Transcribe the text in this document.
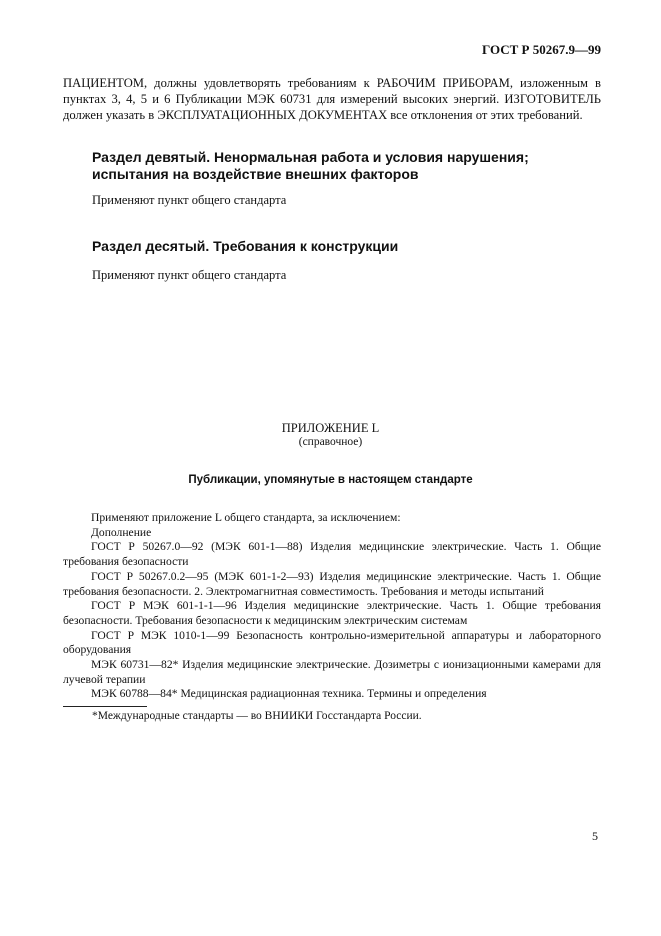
ГОСТ Р 50267.9—99
ПАЦИЕНТОМ, должны удовлетворять требованиям к РАБОЧИМ ПРИБОРАМ, изложенным в пунктах 3, 4, 5 и 6 Публикации МЭК 60731 для измерений высоких энергий. ИЗГОТОВИТЕЛЬ должен указать в ЭКСПЛУАТАЦИОННЫХ ДОКУМЕНТАХ все отклонения от этих требований.
Раздел девятый. Ненормальная работа и условия нарушения; испытания на воздействие внешних факторов
Применяют пункт общего стандарта
Раздел десятый. Требования к конструкции
Применяют пункт общего стандарта
ПРИЛОЖЕНИЕ L
(справочное)
Публикации, упомянутые в настоящем стандарте

Применяют приложение L общего стандарта, за исключением:

Дополнение

ГОСТ Р 50267.0—92 (МЭК 601-1—88) Изделия медицинские электрические. Часть 1. Общие требования безопасности

ГОСТ Р 50267.0.2—95 (МЭК 601-1-2—93) Изделия медицинские электрические. Часть 1. Общие требования безопасности. 2. Электромагнитная совместимость. Требования и методы испытаний

ГОСТ Р МЭК 601-1-1—96 Изделия медицинские электрические. Часть 1. Общие требования безопасности. Требования безопасности к медицинским электрическим системам

ГОСТ Р МЭК 1010-1—99 Безопасность контрольно-измерительной аппаратуры и лабораторного оборудования

МЭК 60731—82* Изделия медицинские электрические. Дозиметры с ионизационными камерами для лучевой терапии

МЭК 60788—84* Медицинская радиационная техника. Термины и определения

*Международные стандарты — во ВНИИКИ Госстандарта России.
5
